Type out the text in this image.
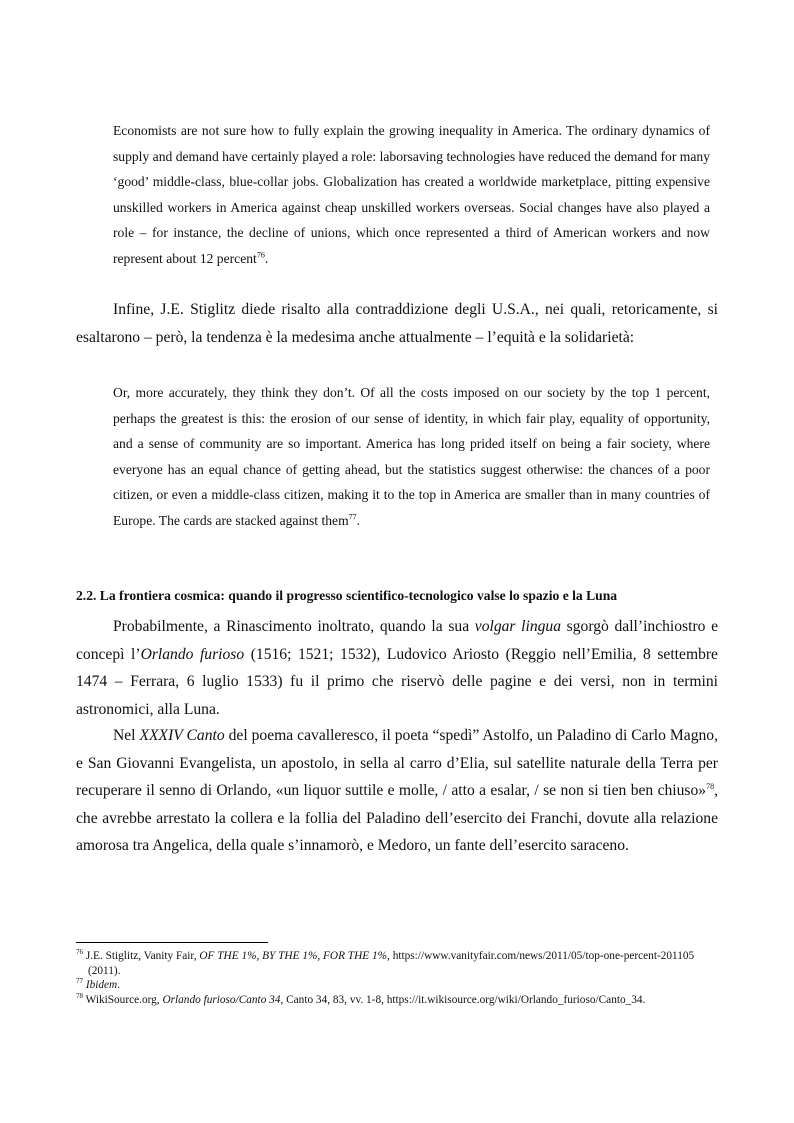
Economists are not sure how to fully explain the growing inequality in America. The ordinary dynamics of supply and demand have certainly played a role: laborsaving technologies have reduced the demand for many ‘good’ middle-class, blue-collar jobs. Globalization has created a worldwide marketplace, pitting expensive unskilled workers in America against cheap unskilled workers overseas. Social changes have also played a role – for instance, the decline of unions, which once represented a third of American workers and now represent about 12 percent$^{76}$.
Infine, J.E. Stiglitz diede risalto alla contraddizione degli U.S.A., nei quali, retoricamente, si esaltarono – però, la tendenza è la medesima anche attualmente – l’equità e la solidarietà:
Or, more accurately, they think they don’t. Of all the costs imposed on our society by the top 1 percent, perhaps the greatest is this: the erosion of our sense of identity, in which fair play, equality of opportunity, and a sense of community are so important. America has long prided itself on being a fair society, where everyone has an equal chance of getting ahead, but the statistics suggest otherwise: the chances of a poor citizen, or even a middle-class citizen, making it to the top in America are smaller than in many countries of Europe. The cards are stacked against them$^{77}$.
2.2. La frontiera cosmica: quando il progresso scientifico-tecnologico valse lo spazio e la Luna
Probabilmente, a Rinascimento inoltrato, quando la sua volgar lingua sgorgò dall’inchiostro e concepì l’Orlando furioso (1516; 1521; 1532), Ludovico Ariosto (Reggio nell’Emilia, 8 settembre 1474 – Ferrara, 6 luglio 1533) fu il primo che riservò delle pagine e dei versi, non in termini astronomici, alla Luna.
Nel XXXIV Canto del poema cavalleresco, il poeta “spedì” Astolfo, un Paladino di Carlo Magno, e San Giovanni Evangelista, un apostolo, in sella al carro d’Elia, sul satellite naturale della Terra per recuperare il senno di Orlando, «un liquor suttile e molle, / atto a esalar, / se non si tien ben chiuso»$^{78}$, che avrebbe arrestato la collera e la follia del Paladino dell’esercito dei Franchi, dovute alla relazione amorosa tra Angelica, della quale s’innamorò, e Medoro, un fante dell’esercito saraceno.

$^{76}$ J.E. Stiglitz, Vanity Fair, OF THE 1%, BY THE 1%, FOR THE 1%, https://www.vanityfair.com/news/2011/05/top-one-percent-201105 (2011).

$^{77}$ Ibidem.

$^{78}$ WikiSource.org, Orlando furioso/Canto 34, Canto 34, 83, vv. 1-8, https://it.wikisource.org/wiki/Orlando_furioso/Canto_34.
